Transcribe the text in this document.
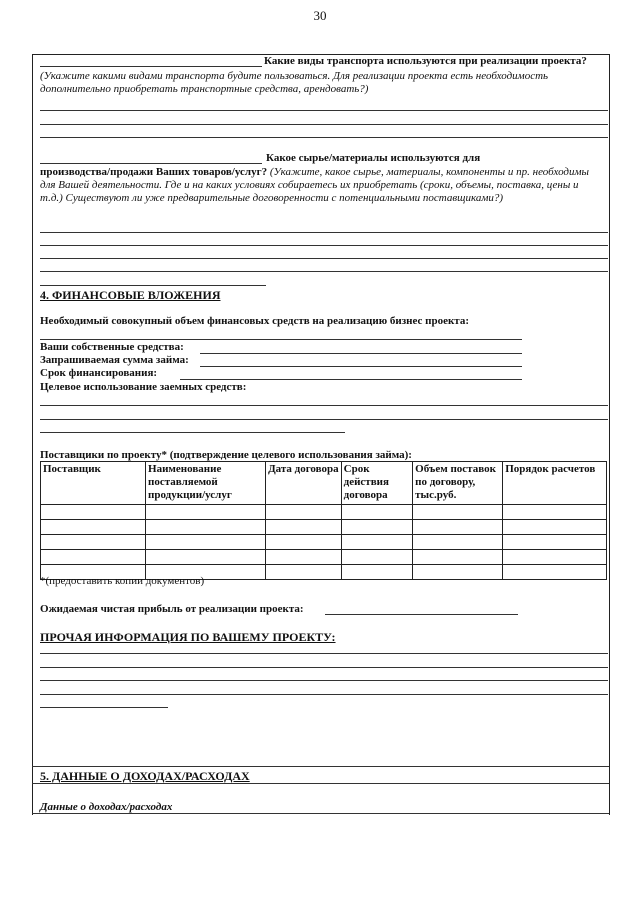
30
Какие виды транспорта используются при реализации проекта?
(Укажите какими видами транспорта будите пользоваться. Для реализации проекта есть необходимость дополнительно приобретать транспортные средства, арендовать?)
Какое сырье/материалы используются для
производства/продажи Ваших товаров/услуг? (Укажите, какое сырье, материалы, компоненты и пр. необходимы для Вашей деятельности. Где и на каких условиях собираетесь их приобретать (сроки, объемы, поставка, цены и т.д.) Существуют ли уже предварительные договоренности с потенциальными поставщиками?)
4. ФИНАНСОВЫЕ ВЛОЖЕНИЯ
Необходимый совокупный объем финансовых средств на реализацию бизнес проекта:
Ваши собственные средства:
Запрашиваемая сумма займа:
Срок финансирования:
Целевое использование заемных средств:
Поставщики по проекту* (подтверждение целевого использования займа):
Поставщик	Наименование поставляемой продукции/услуг	Дата договора	Срок действия договора	Объем поставок по договору, тыс.руб.	Порядок расчетов

*(предоставить копии документов)
Ожидаемая чистая прибыль от реализации проекта:
ПРОЧАЯ ИНФОРМАЦИЯ ПО ВАШЕМУ ПРОЕКТУ:
5. ДАННЫЕ О ДОХОДАХ/РАСХОДАХ
Данные о доходах/расходах
